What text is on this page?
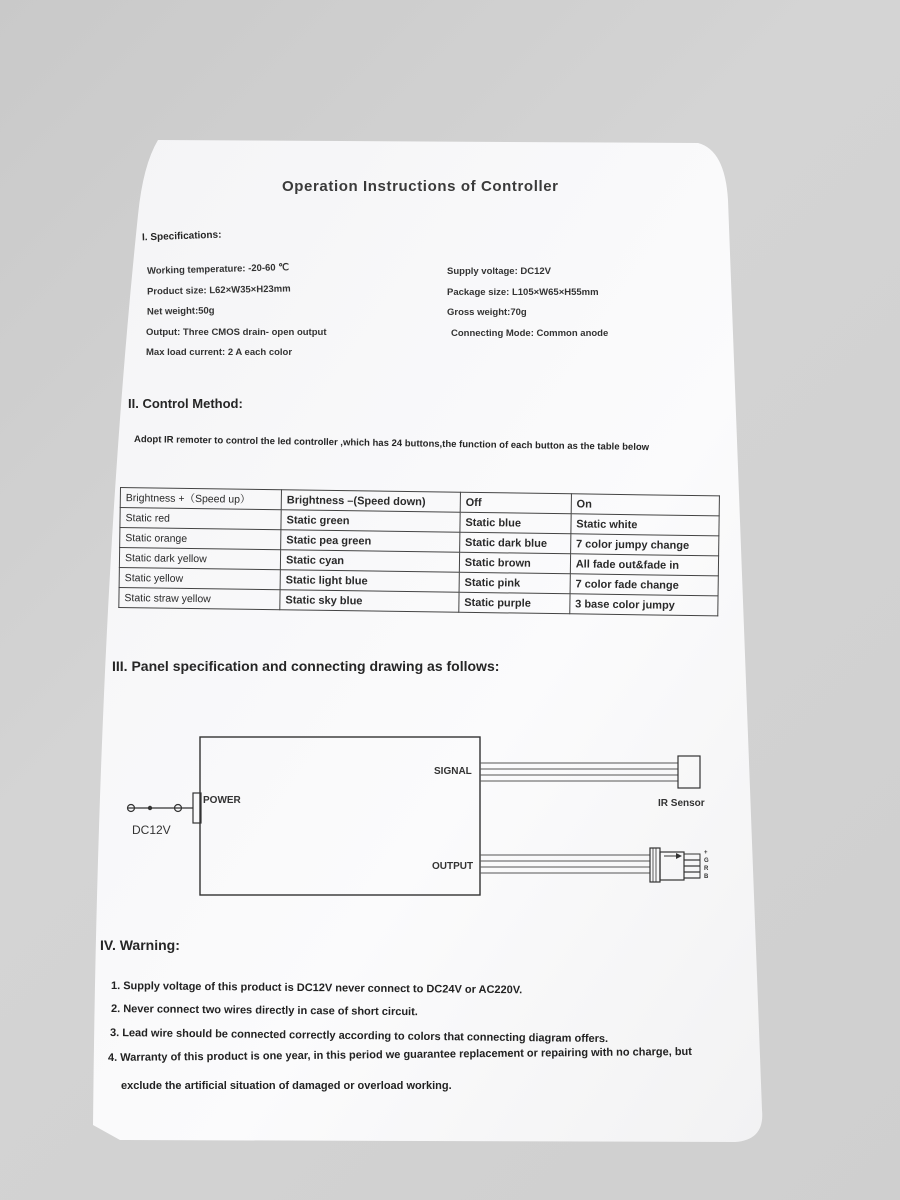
Operation Instructions of Controller
I. Specifications:
Working temperature: -20-60 ℃
Product size: L62×W35×H23mm
Net weight:50g
Output: Three CMOS drain- open output
Max load current: 2 A each color
Supply voltage: DC12V
Package size: L105×W65×H55mm
Gross weight:70g
Connecting Mode: Common anode
II. Control Method:
Adopt IR remoter to control the led controller ,which has 24 buttons,the function of each button as the table below
Brightness +（Speed up）	Brightness –(Speed down)	Off	On
Static red	Static green	Static blue	Static white
Static orange	Static pea green	Static dark blue	7 color jumpy change
Static dark yellow	Static cyan	Static brown	All fade out&fade in
Static yellow	Static light blue	Static pink	7 color fade change
Static straw yellow	Static sky blue	Static purple	3 base color jumpy
III. Panel specification and connecting drawing as follows:
POWER
DC12V
SIGNAL
IR Sensor
OUTPUT
+
G
R
B
IV. Warning:
1. Supply voltage of this product is DC12V never connect to DC24V or AC220V.
2. Never connect two wires directly in case of short circuit.
3. Lead wire should be connected correctly according to colors that connecting diagram offers.
4. Warranty of this product is one year, in this period we guarantee replacement or repairing with no charge, but
exclude the artificial situation of damaged or overload working.
